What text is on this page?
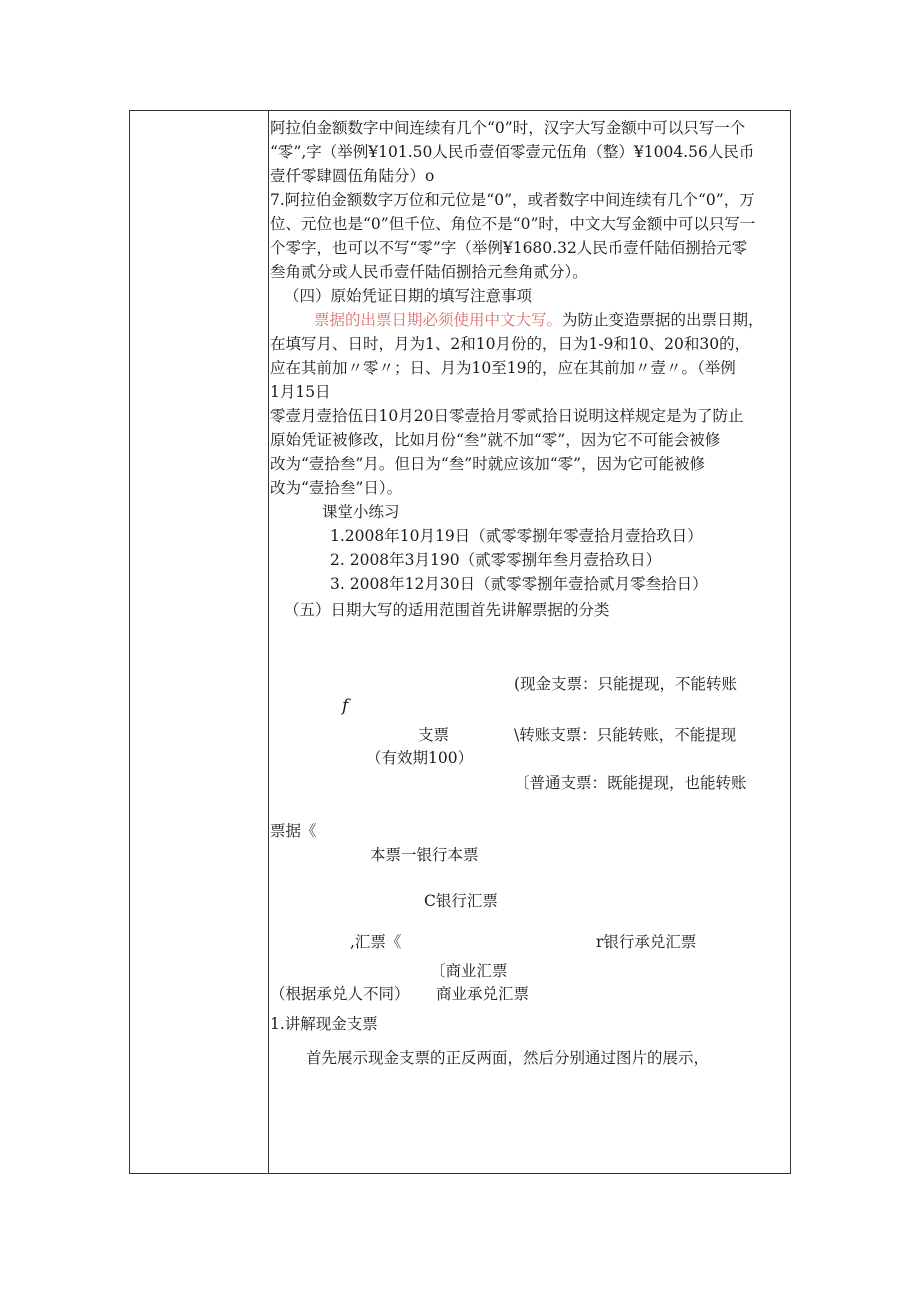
阿拉伯金额数字中间连续有几个“0”时，汉字大写金额中可以只写一个
“零”,字（举例¥101.50人民币壹佰零壹元伍角（整）¥1004.56人民币
壹仟零肆圆伍角陆分）o
7.阿拉伯金额数字万位和元位是“0”，或者数字中间连续有几个“0”，万
位、元位也是“0”但千位、角位不是“0”时，中文大写金额中可以只写一
个零字，也可以不写“零”字（举例¥1680.32人民币壹仟陆佰捌拾元零
叁角贰分或人民币壹仟陆佰捌拾元叁角贰分）。
（四）原始凭证日期的填写注意事项
票据的出票日期必须使用中文大写。为防止变造票据的出票日期，
在填写月、日时，月为1、2和10月份的，日为1-9和10、20和30的，
应在其前加〃零〃；日、月为10至19的，应在其前加〃壹〃。（举例
1月15日
零壹月壹拾伍日10月20日零壹拾月零贰拾日说明这样规定是为了防止
原始凭证被修改，比如月份“叁”就不加“零”，因为它不可能会被修
改为“壹拾叁”月。但日为“叁”时就应该加“零”，因为它可能被修
改为“壹拾叁”日）。
课堂小练习
1.2008年10月19日（贰零零捌年零壹拾月壹拾玖日）
2. 2008年3月190（贰零零捌年叁月壹拾玖日）
3. 2008年12月30日（贰零零捌年壹拾贰月零叁拾日）
（五）日期大写的适用范围首先讲解票据的分类
(现金支票：只能提现，不能转账
f
支票	\转账支票：只能转账，不能提现
（有效期100）
〔普通支票：既能提现，也能转账
票据《
本票一银行本票
C银行汇票
,汇票《	r银行承兑汇票
〔商业汇票
（根据承兑人不同） 商业承兑汇票
1.讲解现金支票
首先展示现金支票的正反两面，然后分别通过图片的展示，
